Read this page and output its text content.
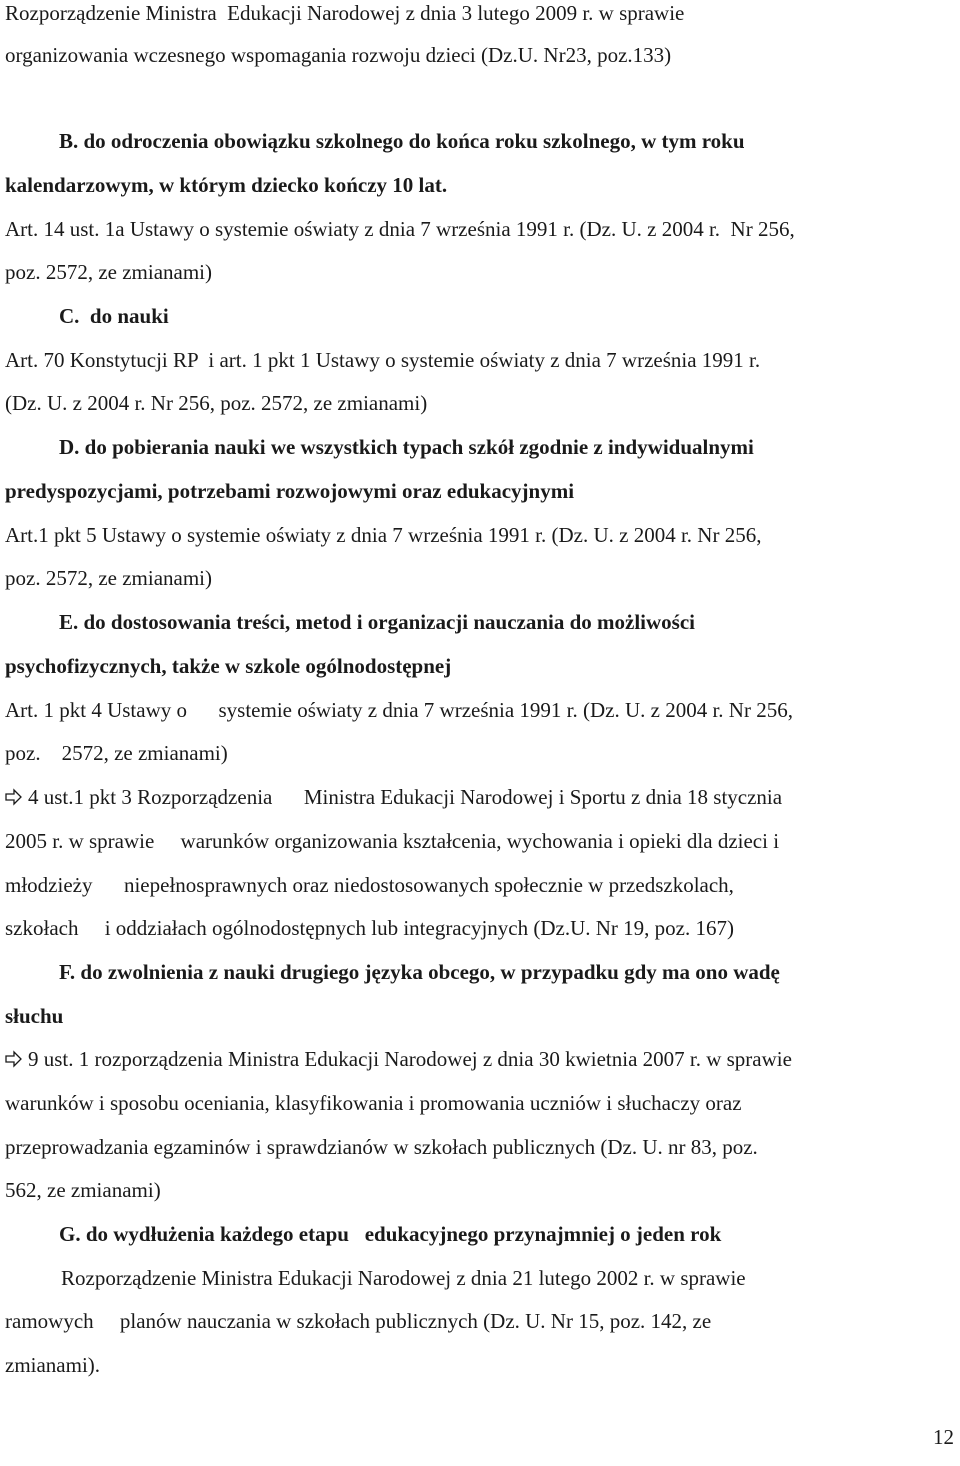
Rozporządzenie Ministra  Edukacji Narodowej z dnia 3 lutego 2009 r. w sprawie

organizowania wczesnego wspomagania rozwoju dzieci (Dz.U. Nr23, poz.133)

B. do odroczenia obowiązku szkolnego do końca roku szkolnego, w tym roku

kalendarzowym, w którym dziecko kończy 10 lat.

Art. 14 ust. 1a Ustawy o systemie oświaty z dnia 7 września 1991 r. (Dz. U. z 2004 r.  Nr 256,

poz. 2572, ze zmianami)

C.  do nauki

Art. 70 Konstytucji RP  i art. 1 pkt 1 Ustawy o systemie oświaty z dnia 7 września 1991 r.

(Dz. U. z 2004 r. Nr 256, poz. 2572, ze zmianami)

D. do pobierania nauki we wszystkich typach szkół zgodnie z indywidualnymi

predyspozycjami, potrzebami rozwojowymi oraz edukacyjnymi

Art.1 pkt 5 Ustawy o systemie oświaty z dnia 7 września 1991 r. (Dz. U. z 2004 r. Nr 256,

poz. 2572, ze zmianami)

E. do dostosowania treści, metod i organizacji nauczania do możliwości

psychofizycznych, także w szkole ogólnodostępnej

Art. 1 pkt 4 Ustawy o      systemie oświaty z dnia 7 września 1991 r. (Dz. U. z 2004 r. Nr 256,

poz.    2572, ze zmianami)

4 ust.1 pkt 3 Rozporządzenia      Ministra Edukacji Narodowej i Sportu z dnia 18 stycznia

2005 r. w sprawie     warunków organizowania kształcenia, wychowania i opieki dla dzieci i

młodzieży      niepełnosprawnych oraz niedostosowanych społecznie w przedszkolach,

szkołach     i oddziałach ogólnodostępnych lub integracyjnych (Dz.U. Nr 19, poz. 167)

F. do zwolnienia z nauki drugiego języka obcego, w przypadku gdy ma ono wadę

słuchu

9 ust. 1 rozporządzenia Ministra Edukacji Narodowej z dnia 30 kwietnia 2007 r. w sprawie

warunków i sposobu oceniania, klasyfikowania i promowania uczniów i słuchaczy oraz

przeprowadzania egzaminów i sprawdzianów w szkołach publicznych (Dz. U. nr 83, poz.

562, ze zmianami)

G. do wydłużenia każdego etapu   edukacyjnego przynajmniej o jeden rok

Rozporządzenie Ministra Edukacji Narodowej z dnia 21 lutego 2002 r. w sprawie

ramowych     planów nauczania w szkołach publicznych (Dz. U. Nr 15, poz. 142, ze

zmianami).

12
